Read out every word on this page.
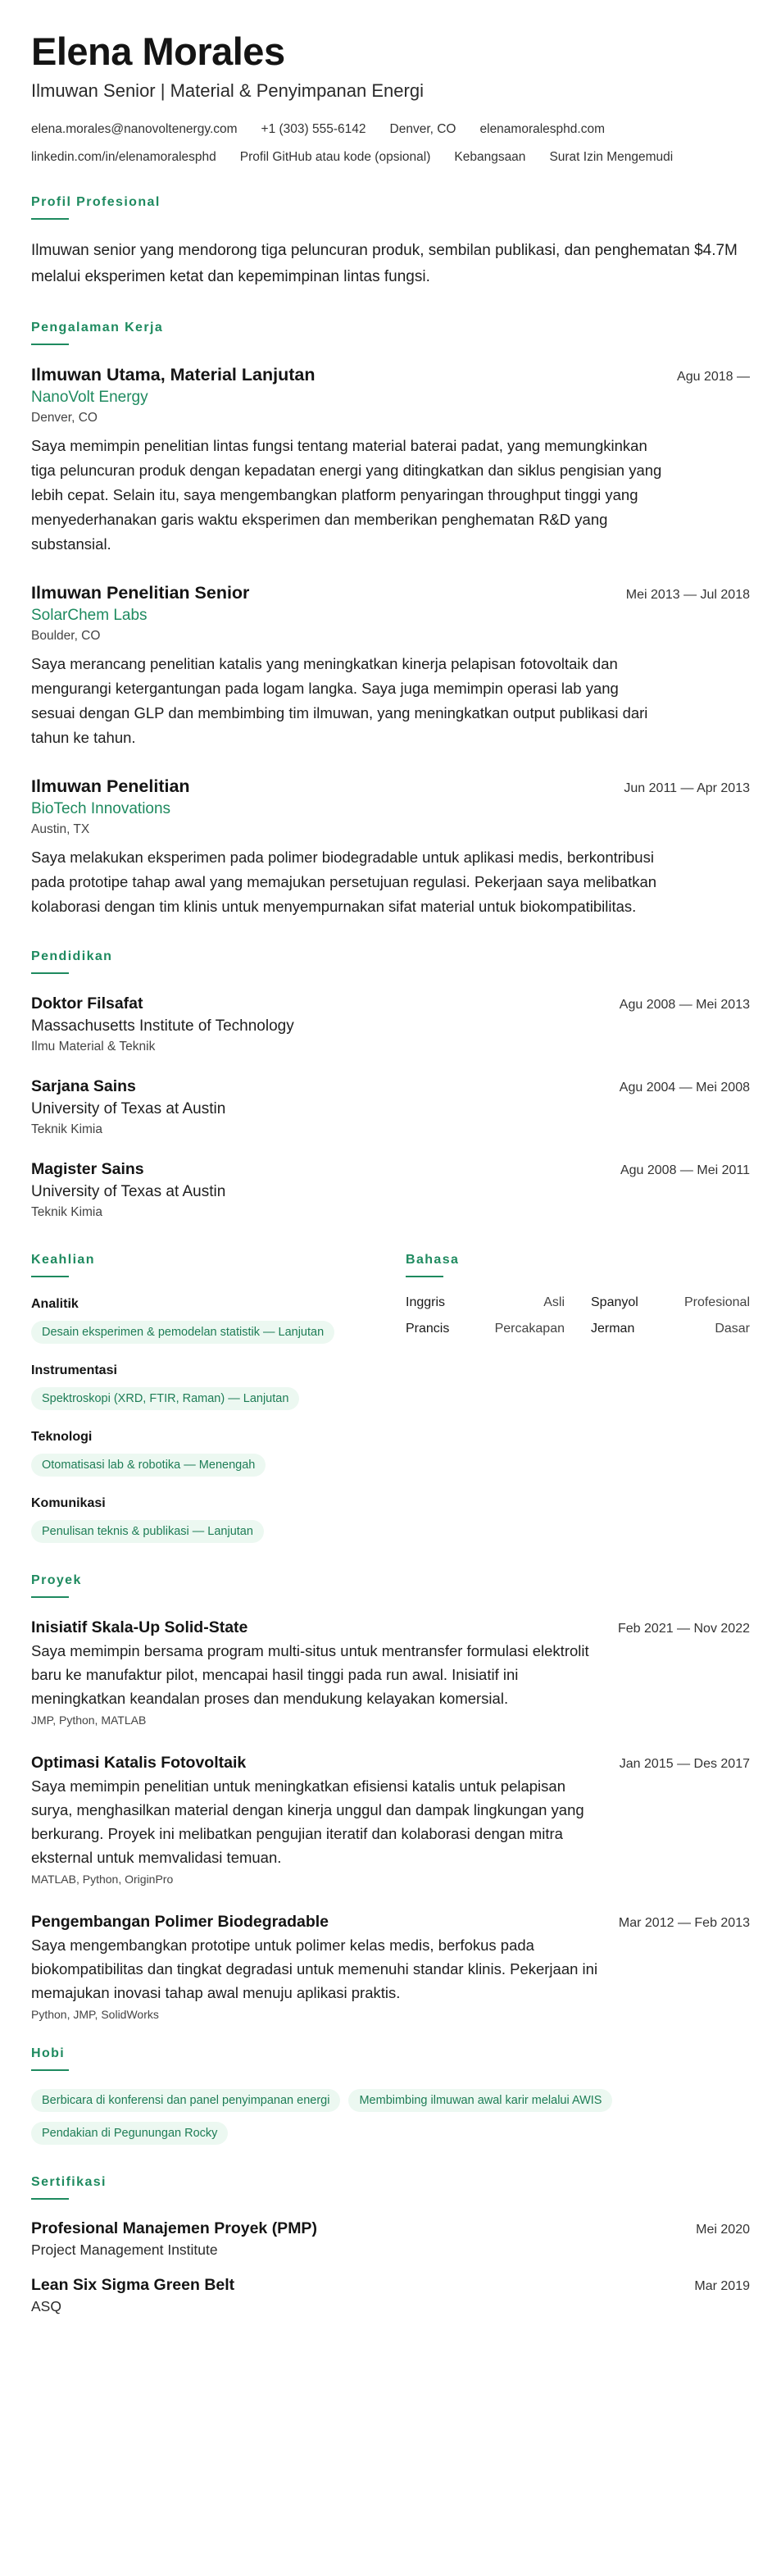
Elena Morales
Ilmuwan Senior | Material & Penyimpanan Energi
elena.morales@nanovoltenergy.com +1 (303) 555-6142 Denver, CO elenamoralesphd.com
linkedin.com/in/elenamoralesphd Profil GitHub atau kode (opsional) Kebangsaan Surat Izin Mengemudi
Profil Profesional

Ilmuwan senior yang mendorong tiga peluncuran produk, sembilan publikasi, dan penghematan $4.7M melalui eksperimen ketat dan kepemimpinan lintas fungsi.

Pengalaman Kerja
Ilmuwan Utama, Material Lanjutan	Agu 2018 —
NanoVolt Energy
Denver, CO

Saya memimpin penelitian lintas fungsi tentang material baterai padat, yang memungkinkan tiga peluncuran produk dengan kepadatan energi yang ditingkatkan dan siklus pengisian yang lebih cepat. Selain itu, saya mengembangkan platform penyaringan throughput tinggi yang menyederhanakan garis waktu eksperimen dan memberikan penghematan R&D yang substansial.

Ilmuwan Penelitian Senior	Mei 2013 — Jul 2018
SolarChem Labs
Boulder, CO

Saya merancang penelitian katalis yang meningkatkan kinerja pelapisan fotovoltaik dan mengurangi ketergantungan pada logam langka. Saya juga memimpin operasi lab yang sesuai dengan GLP dan membimbing tim ilmuwan, yang meningkatkan output publikasi dari tahun ke tahun.

Ilmuwan Penelitian	Jun 2011 — Apr 2013
BioTech Innovations
Austin, TX

Saya melakukan eksperimen pada polimer biodegradable untuk aplikasi medis, berkontribusi pada prototipe tahap awal yang memajukan persetujuan regulasi. Pekerjaan saya melibatkan kolaborasi dengan tim klinis untuk menyempurnakan sifat material untuk biokompatibilitas.

Pendidikan
Doktor Filsafat	Agu 2008 — Mei 2013
Massachusetts Institute of Technology
Ilmu Material & Teknik
Sarjana Sains	Agu 2004 — Mei 2008
University of Texas at Austin
Teknik Kimia
Magister Sains	Agu 2008 — Mei 2011
University of Texas at Austin
Teknik Kimia
Keahlian
Analitik
Desain eksperimen & pemodelan statistik — Lanjutan
Instrumentasi
Spektroskopi (XRD, FTIR, Raman) — Lanjutan
Teknologi
Otomatisasi lab & robotika — Menengah
Komunikasi
Penulisan teknis & publikasi — Lanjutan
Bahasa
Inggris	Asli Spanyol	Profesional
Prancis	Percakapan Jerman	Dasar
Proyek
Inisiatif Skala-Up Solid-State	Feb 2021 — Nov 2022

Saya memimpin bersama program multi-situs untuk mentransfer formulasi elektrolit baru ke manufaktur pilot, mencapai hasil tinggi pada run awal. Inisiatif ini meningkatkan keandalan proses dan mendukung kelayakan komersial.

JMP, Python, MATLAB
Optimasi Katalis Fotovoltaik	Jan 2015 — Des 2017

Saya memimpin penelitian untuk meningkatkan efisiensi katalis untuk pelapisan surya, menghasilkan material dengan kinerja unggul dan dampak lingkungan yang berkurang. Proyek ini melibatkan pengujian iteratif dan kolaborasi dengan mitra eksternal untuk memvalidasi temuan.

MATLAB, Python, OriginPro
Pengembangan Polimer Biodegradable	Mar 2012 — Feb 2013

Saya mengembangkan prototipe untuk polimer kelas medis, berfokus pada biokompatibilitas dan tingkat degradasi untuk memenuhi standar klinis. Pekerjaan ini memajukan inovasi tahap awal menuju aplikasi praktis.

Python, JMP, SolidWorks
Hobi
Berbicara di konferensi dan panel penyimpanan energi	Membimbing ilmuwan awal karir melalui AWIS
Pendakian di Pegunungan Rocky
Sertifikasi
Profesional Manajemen Proyek (PMP)	Mei 2020
Project Management Institute
Lean Six Sigma Green Belt	Mar 2019
ASQ
